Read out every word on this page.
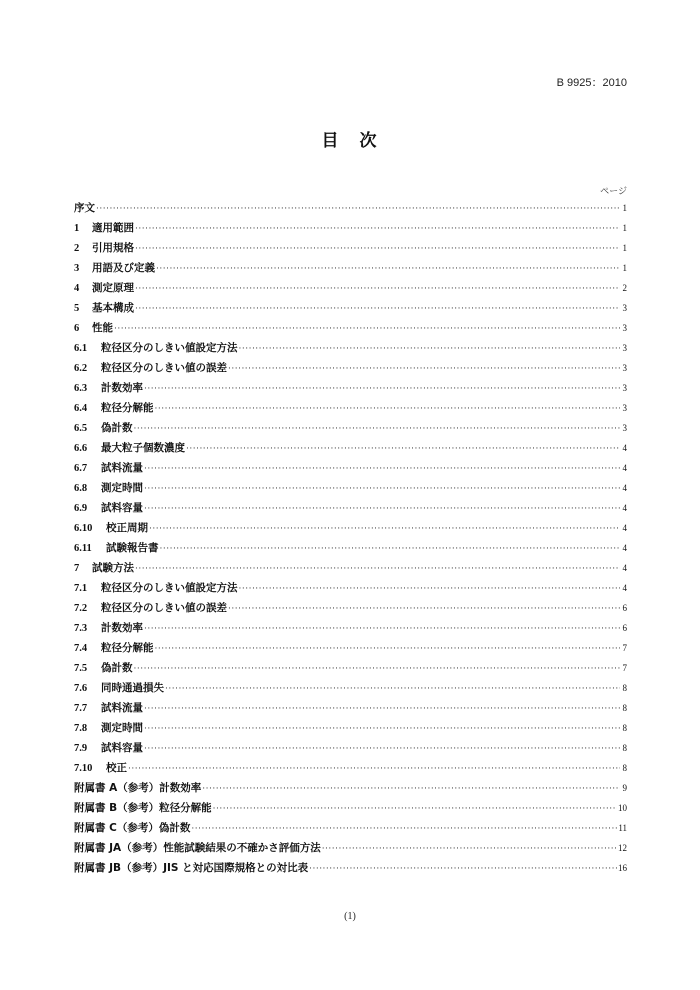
B 9925：2010
目　次
ページ
序文 ·····	1
1	適用範囲 ·····	1
2	引用規格 ·····	1
3	用語及び定義 ·····	1
4	測定原理 ·····	2
5	基本構成 ·····	3
6	性能 ·····	3
6.1	粒径区分のしきい値設定方法 ·····	3
6.2	粒径区分のしきい値の誤差 ·····	3
6.3	計数効率 ·····	3
6.4	粒径分解能 ·····	3
6.5	偽計数 ·····	3
6.6	最大粒子個数濃度 ·····	4
6.7	試料流量 ·····	4
6.8	測定時間 ·····	4
6.9	試料容量 ·····	4
6.10	校正周期 ·····	4
6.11	試験報告書 ·····	4
7	試験方法 ·····	4
7.1	粒径区分のしきい値設定方法 ·····	4
7.2	粒径区分のしきい値の誤差 ·····	6
7.3	計数効率 ·····	6
7.4	粒径分解能 ·····	7
7.5	偽計数 ·····	7
7.6	同時通過損失 ·····	8
7.7	試料流量 ·····	8
7.8	測定時間 ·····	8
7.9	試料容量 ·····	8
7.10	校正 ·····	8
附属書 A（参考）計数効率 ·····	9
附属書 B（参考）粒径分解能 ·····	10
附属書 C（参考）偽計数 ·····	11
附属書 JA（参考）性能試験結果の不確かさ評価方法 ·····	12
附属書 JB（参考）JIS と対応国際規格との対比表 ·····	16
(1)
